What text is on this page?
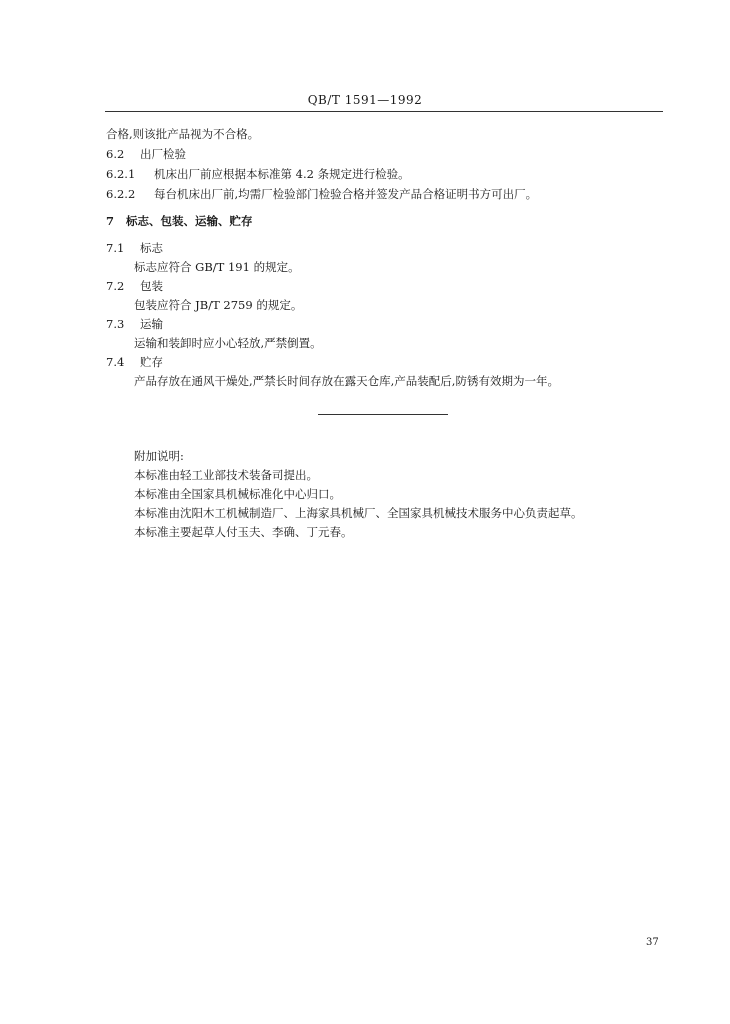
QB/T 1591—1992
合格,则该批产品视为不合格。
6.2 出厂检验
6.2.1 机床出厂前应根据本标准第 4.2 条规定进行检验。
6.2.2 每台机床出厂前,均需厂检验部门检验合格并签发产品合格证明书方可出厂。
7 标志、包装、运输、贮存
7.1 标志
标志应符合 GB/T 191 的规定。
7.2 包装
包装应符合 JB/T 2759 的规定。
7.3 运输
运输和装卸时应小心轻放,严禁倒置。
7.4 贮存
产品存放在通风干燥处,严禁长时间存放在露天仓库,产品装配后,防锈有效期为一年。
附加说明:
本标准由轻工业部技术装备司提出。
本标准由全国家具机械标准化中心归口。
本标准由沈阳木工机械制造厂、上海家具机械厂、全国家具机械技术服务中心负责起草。
本标准主要起草人付玉夫、李确、丁元春。
37
